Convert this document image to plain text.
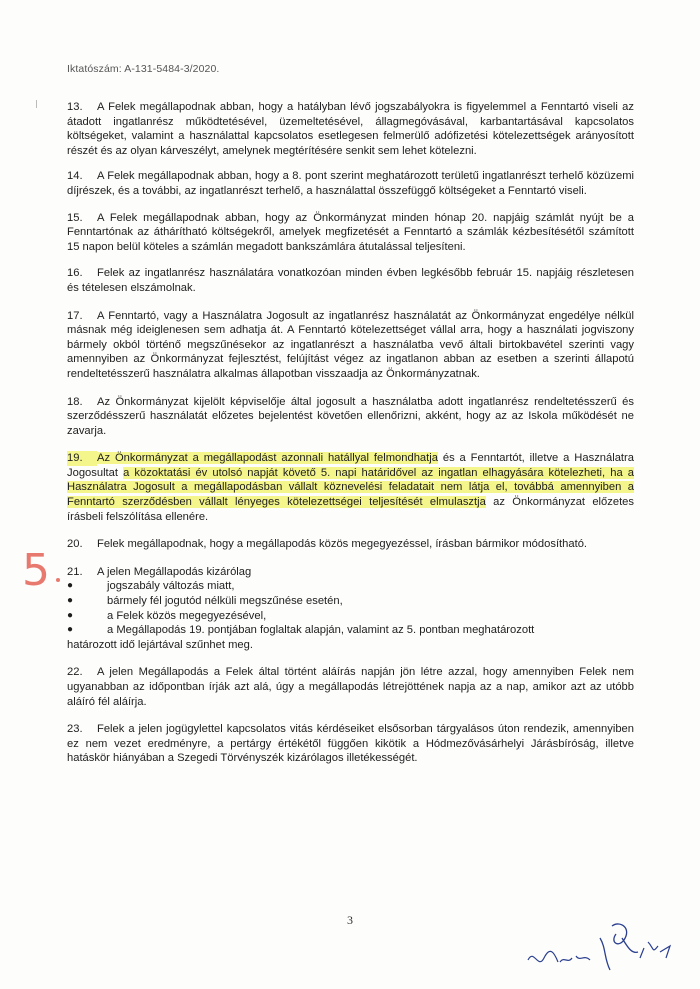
Iktatószám: A-131-5484-3/2020.

13. A Felek megállapodnak abban, hogy a hatályban lévő jogszabályokra is figyelemmel a Fenntartó viseli az átadott ingatlanrész működtetésével, üzemeltetésével, állagmegóvásával, karbantartásával kapcsolatos költségeket, valamint a használattal kapcsolatos esetlegesen felmerülő adófizetési kötelezettségek arányosított részét és az olyan kárveszélyt, amelynek megtérítésére senkit sem lehet kötelezni.

14. A Felek megállapodnak abban, hogy a 8. pont szerint meghatározott területű ingatlanrészt terhelő közüzemi díjrészek, és a további, az ingatlanrészt terhelő, a használattal összefüggő költségeket a Fenntartó viseli.

15. A Felek megállapodnak abban, hogy az Önkormányzat minden hónap 20. napjáig számlát nyújt be a Fenntartónak az áthárítható költségekről, amelyek megfizetését a Fenntartó a számlák kézbesítésétől számított 15 napon belül köteles a számlán megadott bankszámlára átutalással teljesíteni.

16. Felek az ingatlanrész használatára vonatkozóan minden évben legkésőbb február 15. napjáig részletesen és tételesen elszámolnak.

17. A Fenntartó, vagy a Használatra Jogosult az ingatlanrész használatát az Önkormányzat engedélye nélkül másnak még ideiglenesen sem adhatja át. A Fenntartó kötelezettséget vállal arra, hogy a használati jogviszony bármely okból történő megszűnésekor az ingatlanrészt a használatba vevő általi birtokbavétel szerinti vagy amennyiben az Önkormányzat fejlesztést, felújítást végez az ingatlanon abban az esetben a szerinti állapotú rendeltetésszerű használatra alkalmas állapotban visszaadja az Önkormányzatnak.

18. Az Önkormányzat kijelölt képviselője által jogosult a használatba adott ingatlanrész rendeltetésszerű és szerződésszerű használatát előzetes bejelentést követően ellenőrizni, akként, hogy az az Iskola működését ne zavarja.

19. Az Önkormányzat a megállapodást azonnali hatállyal felmondhatja és a Fenntartót, illetve a Használatra Jogosultat a közoktatási év utolsó napját követő 5. napi határidővel az ingatlan elhagyására kötelezheti, ha a Használatra Jogosult a megállapodásban vállalt köznevelési feladatait nem látja el, továbbá amennyiben a Fenntartó szerződésben vállalt lényeges kötelezettségei teljesítését elmulasztja az Önkormányzat előzetes írásbeli felszólítása ellenére.

20. Felek megállapodnak, hogy a megállapodás közös megegyezéssel, írásban bármikor módosítható.

21. A jelen Megállapodás kizárólag
●	jogszabály változás miatt,
●	bármely fél jogutód nélküli megszűnése esetén,
●	a Felek közös megegyezésével,
●	a Megállapodás 19. pontjában foglaltak alapján, valamint az 5. pontban meghatározott
határozott idő lejártával szűnhet meg.

22. A jelen Megállapodás a Felek által történt aláírás napján jön létre azzal, hogy amennyiben Felek nem ugyanabban az időpontban írják azt alá, úgy a megállapodás létrejöttének napja az a nap, amikor azt az utóbb aláíró fél aláírja.

23. Felek a jelen jogügylettel kapcsolatos vitás kérdéseiket elsősorban tárgyalásos úton rendezik, amennyiben ez nem vezet eredményre, a pertárgy értékétől függően kikötik a Hódmezővásárhelyi Járásbíróság, illetve hatáskör hiányában a Szegedi Törvényszék kizárólagos illetékességét.

3
5
